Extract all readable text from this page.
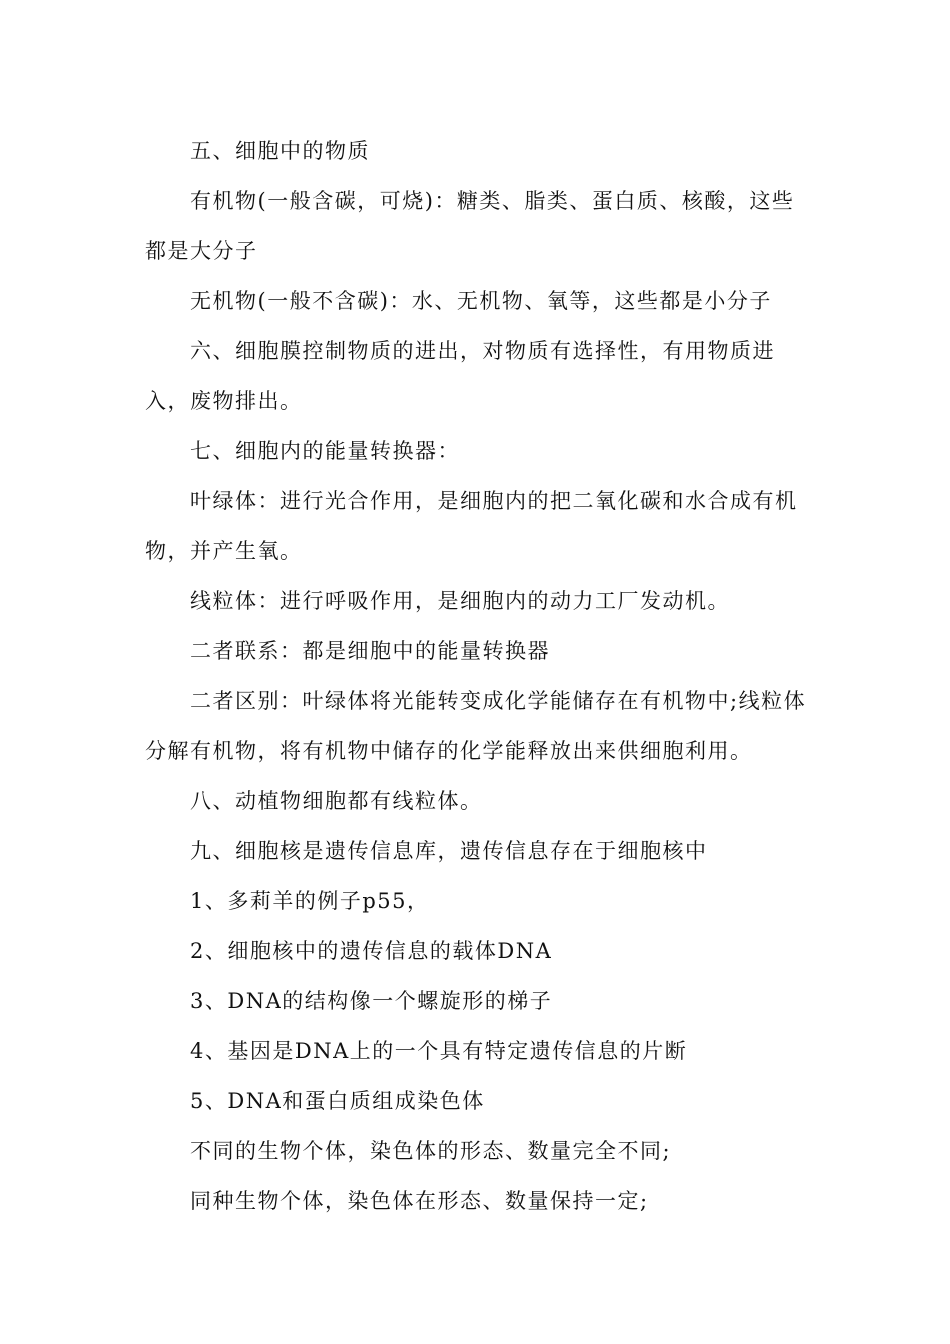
五、细胞中的物质
有机物(一般含碳，可烧)：糖类、脂类、蛋白质、核酸，这些
都是大分子
无机物(一般不含碳)：水、无机物、氧等，这些都是小分子
六、细胞膜控制物质的进出，对物质有选择性，有用物质进
入，废物排出。
七、细胞内的能量转换器：
叶绿体：进行光合作用，是细胞内的把二氧化碳和水合成有机
物，并产生氧。
线粒体：进行呼吸作用，是细胞内的动力工厂发动机。
二者联系：都是细胞中的能量转换器
二者区别：叶绿体将光能转变成化学能储存在有机物中;线粒体
分解有机物，将有机物中储存的化学能释放出来供细胞利用。
八、动植物细胞都有线粒体。
九、细胞核是遗传信息库，遗传信息存在于细胞核中
1、多莉羊的例子p55，
2、细胞核中的遗传信息的载体DNA
3、DNA的结构像一个螺旋形的梯子
4、基因是DNA上的一个具有特定遗传信息的片断
5、DNA和蛋白质组成染色体
不同的生物个体，染色体的形态、数量完全不同;
同种生物个体，染色体在形态、数量保持一定;
